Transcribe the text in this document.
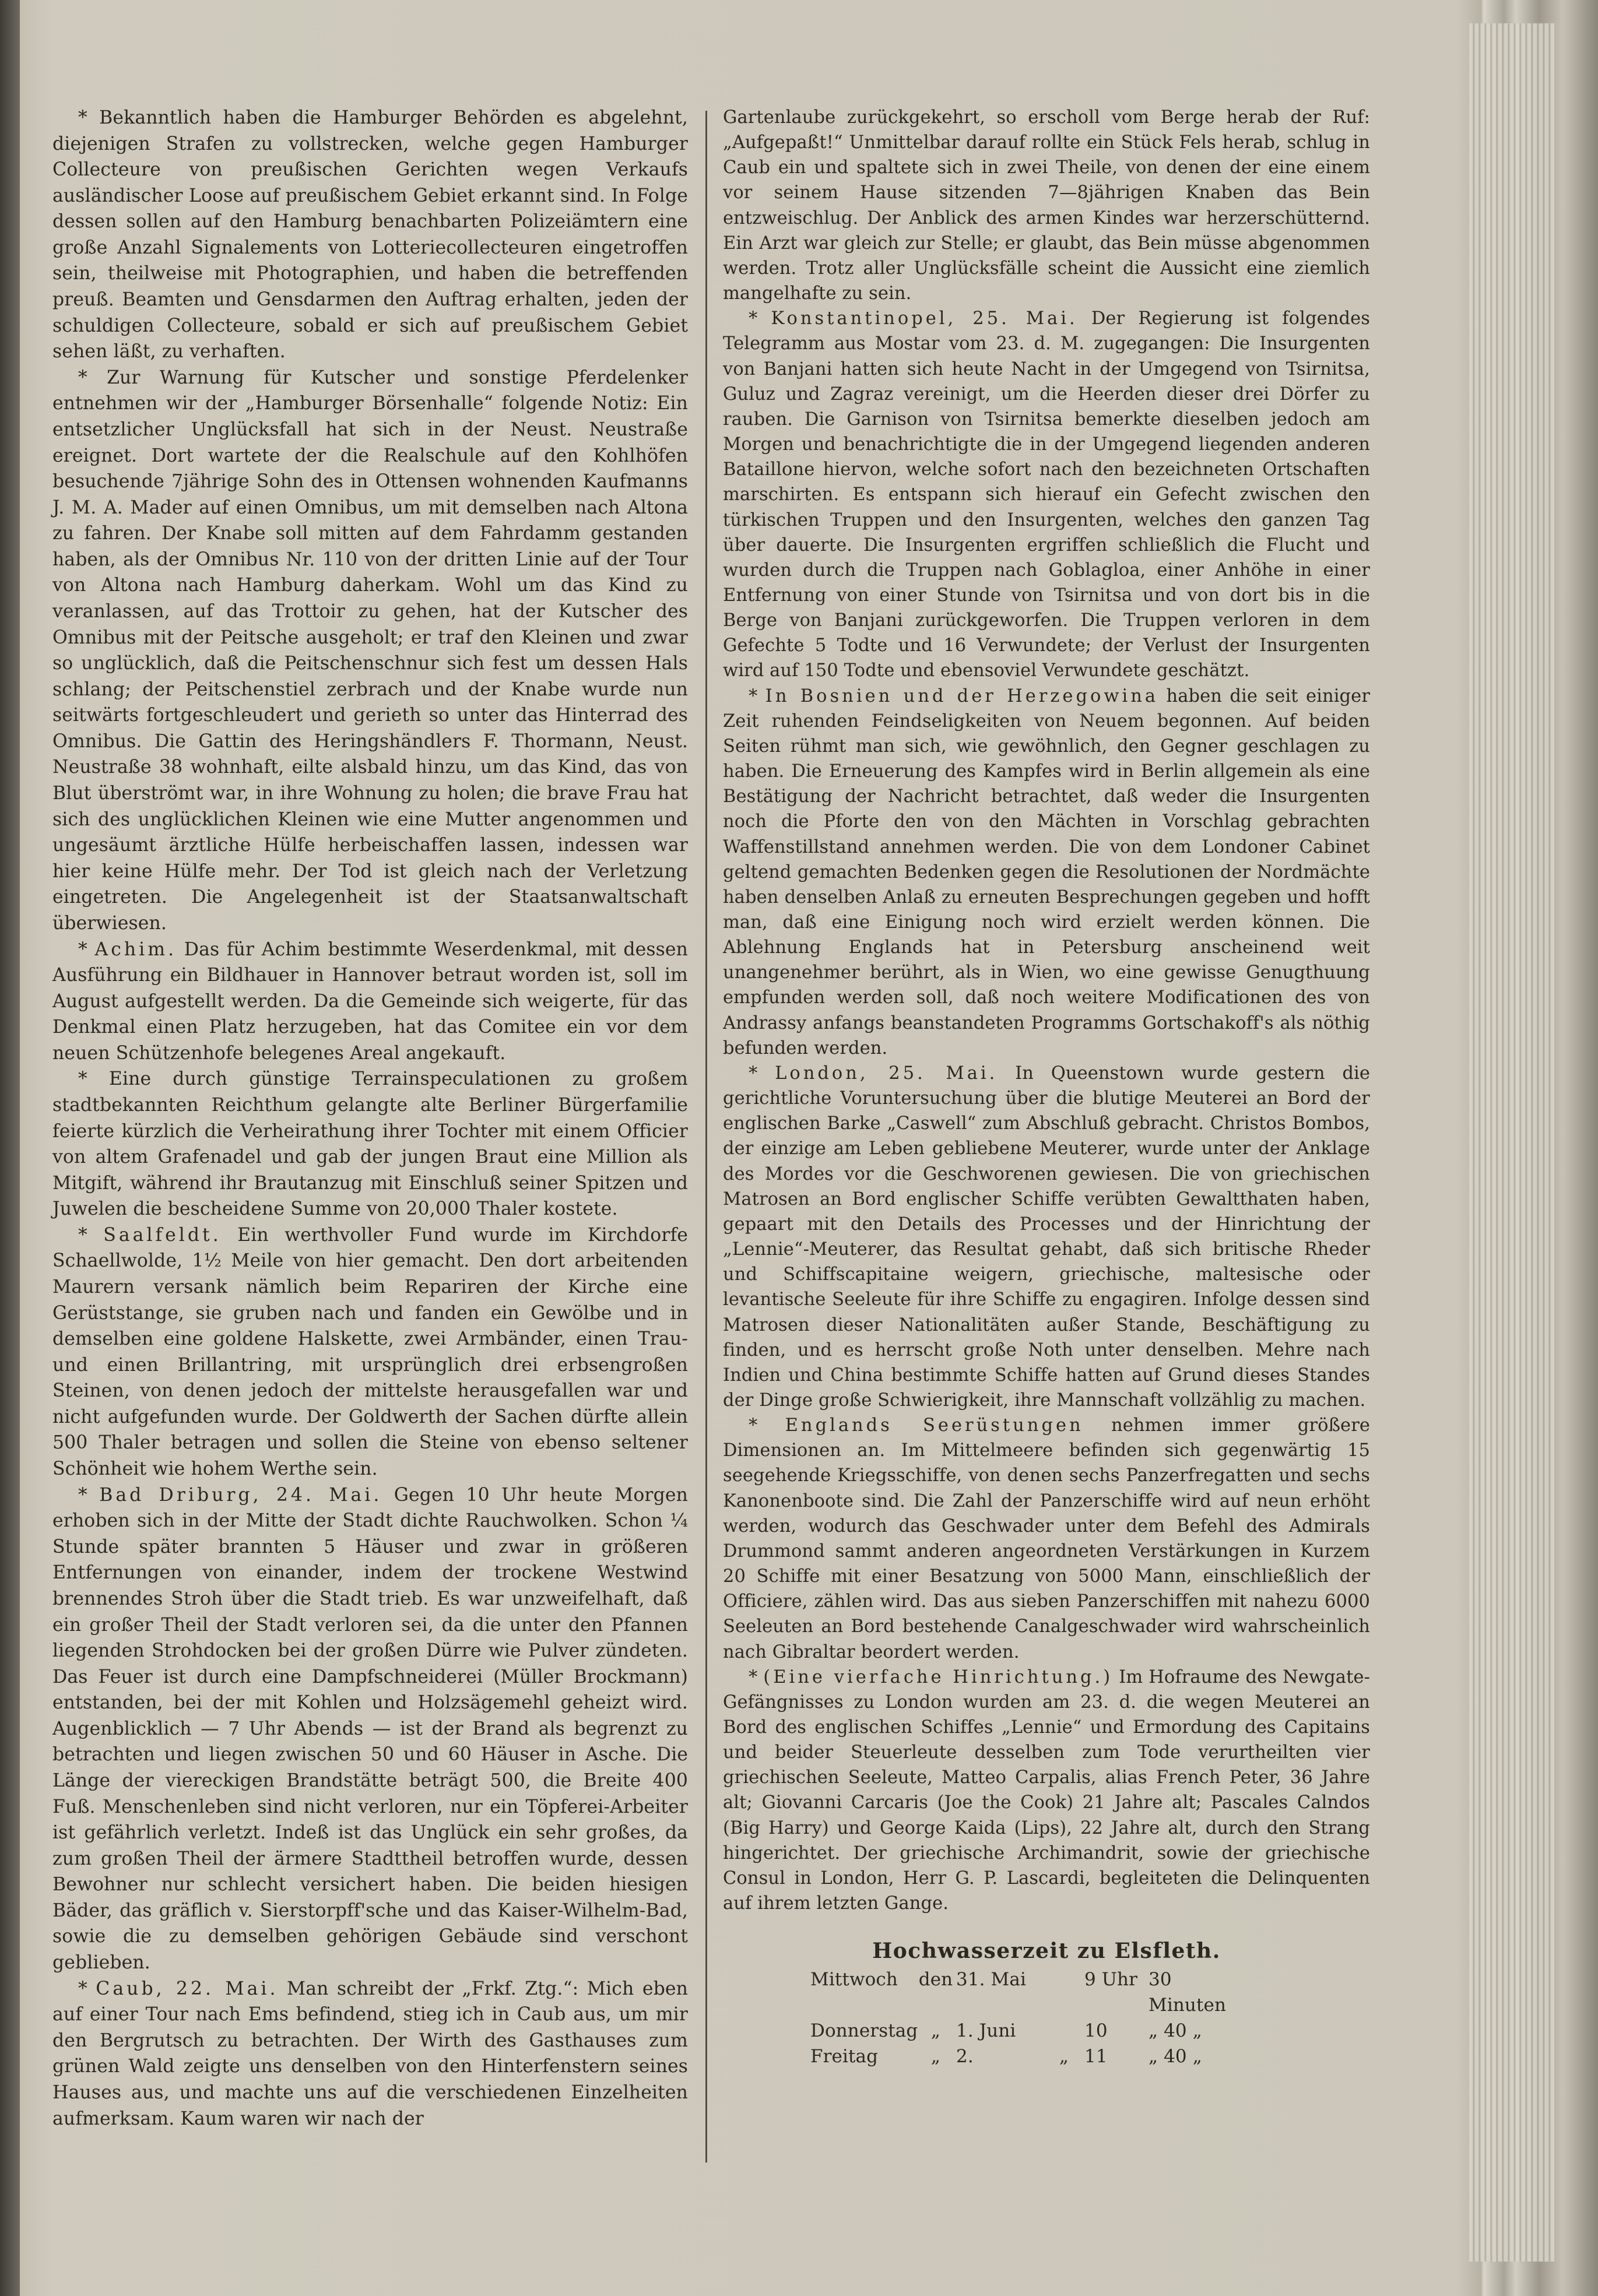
* Bekanntlich haben die Hamburger Behörden es abgelehnt, diejenigen Strafen zu vollstrecken, welche gegen Hamburger Collecteure von preußischen Gerichten wegen Verkaufs ausländischer Loose auf preußischem Gebiet erkannt sind. In Folge dessen sollen auf den Hamburg benachbarten Polizeiämtern eine große Anzahl Signalements von Lotteriecollecteuren eingetroffen sein, theilweise mit Photographien, und haben die betreffenden preuß. Beamten und Gensdarmen den Auftrag erhalten, jeden der schuldigen Collecteure, sobald er sich auf preußischem Gebiet sehen läßt, zu verhaften.

* Zur Warnung für Kutscher und sonstige Pferdelenker entnehmen wir der „Hamburger Börsenhalle“ folgende Notiz: Ein entsetzlicher Unglücksfall hat sich in der Neust. Neustraße ereignet. Dort wartete der die Realschule auf den Kohlhöfen besuchende 7jährige Sohn des in Ottensen wohnenden Kaufmanns J. M. A. Mader auf einen Omnibus, um mit demselben nach Altona zu fahren. Der Knabe soll mitten auf dem Fahrdamm gestanden haben, als der Omnibus Nr. 110 von der dritten Linie auf der Tour von Altona nach Hamburg daherkam. Wohl um das Kind zu veranlassen, auf das Trottoir zu gehen, hat der Kutscher des Omnibus mit der Peitsche ausgeholt; er traf den Kleinen und zwar so unglücklich, daß die Peitschenschnur sich fest um dessen Hals schlang; der Peitschenstiel zerbrach und der Knabe wurde nun seitwärts fortgeschleudert und gerieth so unter das Hinterrad des Omnibus. Die Gattin des Heringshändlers F. Thormann, Neust. Neustraße 38 wohnhaft, eilte alsbald hinzu, um das Kind, das von Blut überströmt war, in ihre Wohnung zu holen; die brave Frau hat sich des unglücklichen Kleinen wie eine Mutter angenommen und ungesäumt ärztliche Hülfe herbeischaffen lassen, indessen war hier keine Hülfe mehr. Der Tod ist gleich nach der Verletzung eingetreten. Die Angelegenheit ist der Staatsanwaltschaft überwiesen.

* Achim. Das für Achim bestimmte Weserdenkmal, mit dessen Ausführung ein Bildhauer in Hannover betraut worden ist, soll im August aufgestellt werden. Da die Gemeinde sich weigerte, für das Denkmal einen Platz herzugeben, hat das Comitee ein vor dem neuen Schützenhofe belegenes Areal angekauft.

* Eine durch günstige Terrainspeculationen zu großem stadtbekannten Reichthum gelangte alte Berliner Bürgerfamilie feierte kürzlich die Verheirathung ihrer Tochter mit einem Officier von altem Grafenadel und gab der jungen Braut eine Million als Mitgift, während ihr Brautanzug mit Einschluß seiner Spitzen und Juwelen die bescheidene Summe von 20,000 Thaler kostete.

* Saalfeldt. Ein werthvoller Fund wurde im Kirchdorfe Schaellwolde, 1½ Meile von hier gemacht. Den dort arbeitenden Maurern versank nämlich beim Repariren der Kirche eine Gerüststange, sie gruben nach und fanden ein Gewölbe und in demselben eine goldene Halskette, zwei Armbänder, einen Trau- und einen Brillantring, mit ursprünglich drei erbsengroßen Steinen, von denen jedoch der mittelste herausgefallen war und nicht aufgefunden wurde. Der Goldwerth der Sachen dürfte allein 500 Thaler betragen und sollen die Steine von ebenso seltener Schönheit wie hohem Werthe sein.

* Bad Driburg, 24. Mai. Gegen 10 Uhr heute Morgen erhoben sich in der Mitte der Stadt dichte Rauchwolken. Schon ¼ Stunde später brannten 5 Häuser und zwar in größeren Entfernungen von einander, indem der trockene Westwind brennendes Stroh über die Stadt trieb. Es war unzweifelhaft, daß ein großer Theil der Stadt verloren sei, da die unter den Pfannen liegenden Strohdocken bei der großen Dürre wie Pulver zündeten. Das Feuer ist durch eine Dampfschneiderei (Müller Brockmann) entstanden, bei der mit Kohlen und Holzsägemehl geheizt wird. Augenblicklich — 7 Uhr Abends — ist der Brand als begrenzt zu betrachten und liegen zwischen 50 und 60 Häuser in Asche. Die Länge der viereckigen Brandstätte beträgt 500, die Breite 400 Fuß. Menschenleben sind nicht verloren, nur ein Töpferei-Arbeiter ist gefährlich verletzt. Indeß ist das Unglück ein sehr großes, da zum großen Theil der ärmere Stadttheil betroffen wurde, dessen Bewohner nur schlecht versichert haben. Die beiden hiesigen Bäder, das gräflich v. Sierstorpff'sche und das Kaiser-Wilhelm-Bad, sowie die zu demselben gehörigen Gebäude sind verschont geblieben.

* Caub, 22. Mai. Man schreibt der „Frkf. Ztg.“: Mich eben auf einer Tour nach Ems befindend, stieg ich in Caub aus, um mir den Bergrutsch zu betrachten. Der Wirth des Gasthauses zum grünen Wald zeigte uns denselben von den Hinterfenstern seines Hauses aus, und machte uns auf die verschiedenen Einzelheiten aufmerksam. Kaum waren wir nach der

Gartenlaube zurückgekehrt, so erscholl vom Berge herab der Ruf: „Aufgepaßt!“ Unmittelbar darauf rollte ein Stück Fels herab, schlug in Caub ein und spaltete sich in zwei Theile, von denen der eine einem vor seinem Hause sitzenden 7—8jährigen Knaben das Bein entzweischlug. Der Anblick des armen Kindes war herzerschütternd. Ein Arzt war gleich zur Stelle; er glaubt, das Bein müsse abgenommen werden. Trotz aller Unglücksfälle scheint die Aussicht eine ziemlich mangelhafte zu sein.

* Konstantinopel, 25. Mai. Der Regierung ist folgendes Telegramm aus Mostar vom 23. d. M. zugegangen: Die Insurgenten von Banjani hatten sich heute Nacht in der Umgegend von Tsirnitsa, Guluz und Zagraz vereinigt, um die Heerden dieser drei Dörfer zu rauben. Die Garnison von Tsirnitsa bemerkte dieselben jedoch am Morgen und benachrichtigte die in der Umgegend liegenden anderen Bataillone hiervon, welche sofort nach den bezeichneten Ortschaften marschirten. Es entspann sich hierauf ein Gefecht zwischen den türkischen Truppen und den Insurgenten, welches den ganzen Tag über dauerte. Die Insurgenten ergriffen schließlich die Flucht und wurden durch die Truppen nach Goblagloa, einer Anhöhe in einer Entfernung von einer Stunde von Tsirnitsa und von dort bis in die Berge von Banjani zurückgeworfen. Die Truppen verloren in dem Gefechte 5 Todte und 16 Verwundete; der Verlust der Insurgenten wird auf 150 Todte und ebensoviel Verwundete geschätzt.

* In Bosnien und der Herzegowina haben die seit einiger Zeit ruhenden Feindseligkeiten von Neuem begonnen. Auf beiden Seiten rühmt man sich, wie gewöhnlich, den Gegner geschlagen zu haben. Die Erneuerung des Kampfes wird in Berlin allgemein als eine Bestätigung der Nachricht betrachtet, daß weder die Insurgenten noch die Pforte den von den Mächten in Vorschlag gebrachten Waffenstillstand annehmen werden. Die von dem Londoner Cabinet geltend gemachten Bedenken gegen die Resolutionen der Nordmächte haben denselben Anlaß zu erneuten Besprechungen gegeben und hofft man, daß eine Einigung noch wird erzielt werden können. Die Ablehnung Englands hat in Petersburg anscheinend weit unangenehmer berührt, als in Wien, wo eine gewisse Genugthuung empfunden werden soll, daß noch weitere Modificationen des von Andrassy anfangs beanstandeten Programms Gortschakoff's als nöthig befunden werden.

* London, 25. Mai. In Queenstown wurde gestern die gerichtliche Voruntersuchung über die blutige Meuterei an Bord der englischen Barke „Caswell“ zum Abschluß gebracht. Christos Bombos, der einzige am Leben gebliebene Meuterer, wurde unter der Anklage des Mordes vor die Geschworenen gewiesen. Die von griechischen Matrosen an Bord englischer Schiffe verübten Gewaltthaten haben, gepaart mit den Details des Processes und der Hinrichtung der „Lennie“-Meuterer, das Resultat gehabt, daß sich britische Rheder und Schiffscapitaine weigern, griechische, maltesische oder levantische Seeleute für ihre Schiffe zu engagiren. Infolge dessen sind Matrosen dieser Nationalitäten außer Stande, Beschäftigung zu finden, und es herrscht große Noth unter denselben. Mehre nach Indien und China bestimmte Schiffe hatten auf Grund dieses Standes der Dinge große Schwierigkeit, ihre Mannschaft vollzählig zu machen.

* Englands Seerüstungen nehmen immer größere Dimensionen an. Im Mittelmeere befinden sich gegenwärtig 15 seegehende Kriegsschiffe, von denen sechs Panzerfregatten und sechs Kanonenboote sind. Die Zahl der Panzerschiffe wird auf neun erhöht werden, wodurch das Geschwader unter dem Befehl des Admirals Drummond sammt anderen angeordneten Verstärkungen in Kurzem 20 Schiffe mit einer Besatzung von 5000 Mann, einschließlich der Officiere, zählen wird. Das aus sieben Panzerschiffen mit nahezu 6000 Seeleuten an Bord bestehende Canalgeschwader wird wahrscheinlich nach Gibraltar beordert werden.

* (Eine vierfache Hinrichtung.) Im Hofraume des Newgate-Gefängnisses zu London wurden am 23. d. die wegen Meuterei an Bord des englischen Schiffes „Lennie“ und Ermordung des Capitains und beider Steuerleute desselben zum Tode verurtheilten vier griechischen Seeleute, Matteo Carpalis, alias French Peter, 36 Jahre alt; Giovanni Carcaris (Joe the Cook) 21 Jahre alt; Pascales Calndos (Big Harry) und George Kaida (Lips), 22 Jahre alt, durch den Strang hingerichtet. Der griechische Archimandrit, sowie der griechische Consul in London, Herr G. P. Lascardi, begleiteten die Delinquenten auf ihrem letzten Gange.

Hochwasserzeit zu Elsfleth.
Mittwoch	den 31. Mai	9 Uhr 30 Minuten
Donnerstag „ 1. Juni	10	„ 40 „
Freitag	„ 2.	„ 11	„ 40 „
